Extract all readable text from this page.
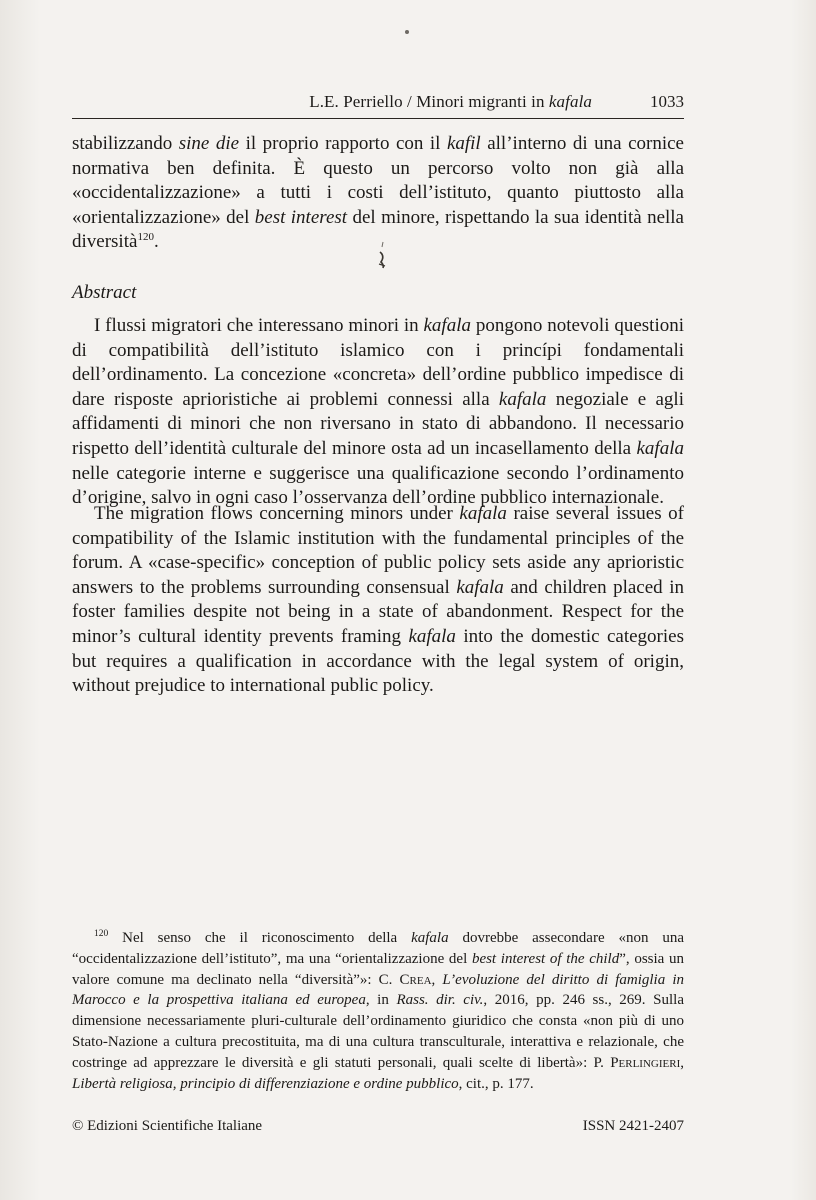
L.E. Perriello / Minori migranti in kafala	1033

stabilizzando sine die il proprio rapporto con il kafil all’interno di una cornice normativa ben definita. È questo un percorso volto non già alla «occidentalizzazione» a tutti i costi dell’istituto, quanto piuttosto alla «orientalizzazione» del best interest del minore, rispettando la sua identità nella diversità$^{120}$.

Abstract

I flussi migratori che interessano minori in kafala pongono notevoli questioni di compatibilità dell’istituto islamico con i princípi fondamentali dell’ordinamento. La concezione «concreta» dell’ordine pubblico impedisce di dare risposte aprioristiche ai problemi connessi alla kafala negoziale e agli affidamenti di minori che non riversano in stato di abbandono. Il necessario rispetto dell’identità culturale del minore osta ad un incasellamento della kafala nelle categorie interne e suggerisce una qualificazione secondo l’ordinamento d’origine, salvo in ogni caso l’osservanza dell’ordine pubblico internazionale.

The migration flows concerning minors under kafala raise several issues of compatibility of the Islamic institution with the fundamental principles of the forum. A «case-specific» conception of public policy sets aside any aprioristic answers to the problems surrounding consensual kafala and children placed in foster families despite not being in a state of abandonment. Respect for the minor’s cultural identity prevents framing kafala into the domestic categories but requires a qualification in accordance with the legal system of origin, without prejudice to international public policy.

$^{120}$ Nel senso che il riconoscimento della kafala dovrebbe assecondare «non una “occidentalizzazione dell’istituto”, ma una “orientalizzazione del best interest of the child”, ossia un valore comune ma declinato nella “diversità”»: C. Crea, L’evoluzione del diritto di famiglia in Marocco e la prospettiva italiana ed europea, in Rass. dir. civ., 2016, pp. 246 ss., 269. Sulla dimensione necessariamente pluri-culturale dell’ordinamento giuridico che consta «non più di uno Stato-Nazione a cultura precostituita, ma di una cultura transculturale, interattiva e relazionale, che costringe ad apprezzare le diversità e gli statuti personali, quali scelte di libertà»: P. Perlingieri, Libertà religiosa, principio di differenziazione e ordine pubblico, cit., p. 177.

© Edizioni Scientifiche Italiane	ISSN 2421-2407
